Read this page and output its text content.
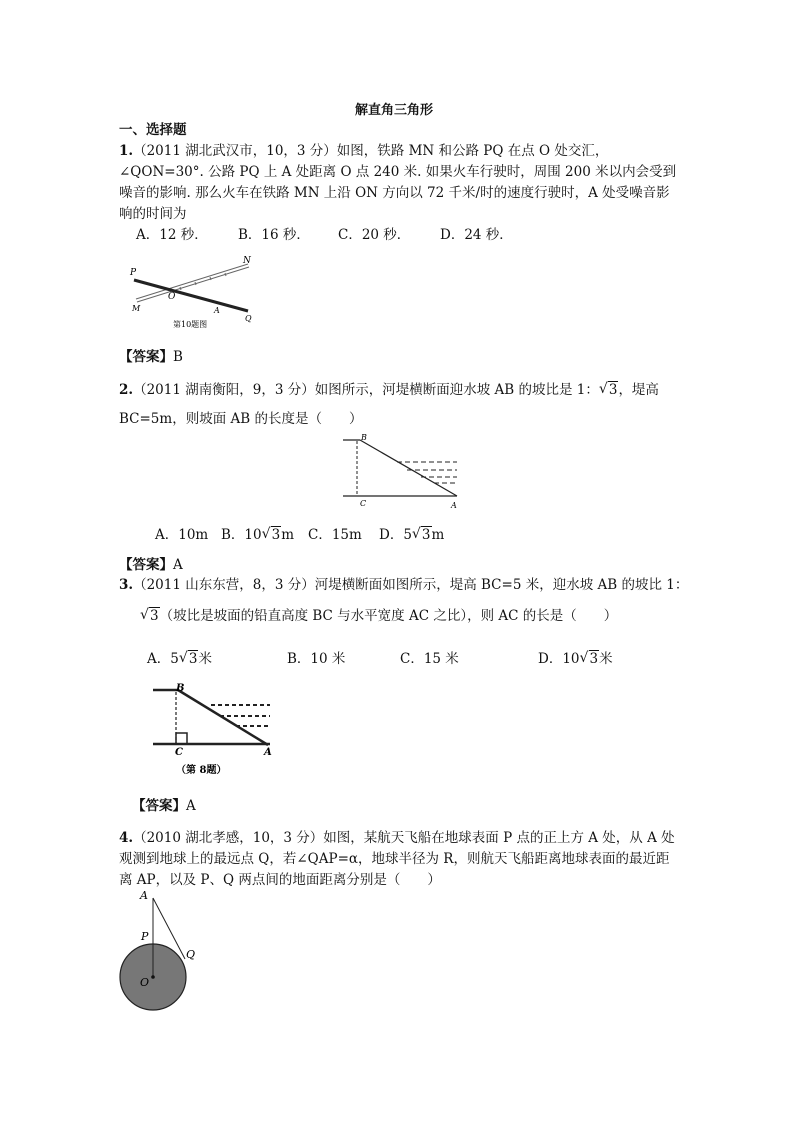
解直角三角形
一、选择题
1.（2011 湖北武汉市，10，3 分）如图，铁路 MN 和公路 PQ 在点 O 处交汇，
∠QON=30°. 公路 PQ 上 A 处距离 O 点 240 米. 如果火车行驶时，周围 200 米以内会受到
噪音的影响. 那么火车在铁路 MN 上沿 ON 方向以 72 千米/时的速度行驶时，A 处受噪音影
响的时间为
A．12 秒． B．16 秒． C．20 秒． D．24 秒．
P
N
O
M	A
Q
第10题图
【答案】B
2.（2011 湖南衡阳，9，3 分）如图所示，河堤横断面迎水坡 AB 的坡比是 1： √ 3，堤高
BC=5m，则坡面 AB 的长度是（　　）
B
C	A
A．10m B．10 √ 3m C．15m D．5 √ 3m
【答案】A
3.（2011 山东东营，8，3 分）河堤横断面如图所示，堤高 BC=5 米，迎水坡 AB 的坡比 1：
√ 3（坡比是坡面的铅直高度 BC 与水平宽度 AC 之比），则 AC 的长是（　　）
A．5 √ 3米	B．10 米	C．15 米	D．10 √ 3米
B
C	A
（第 8题）
【答案】A
4.（2010 湖北孝感，10，3 分）如图，某航天飞船在地球表面 P 点的正上方 A 处，从 A 处
观测到地球上的最远点 Q，若∠QAP=α，地球半径为 R，则航天飞船距离地球表面的最近距
离 AP，以及 P、Q 两点间的地面距离分别是（　　）
A
P
Q
O
